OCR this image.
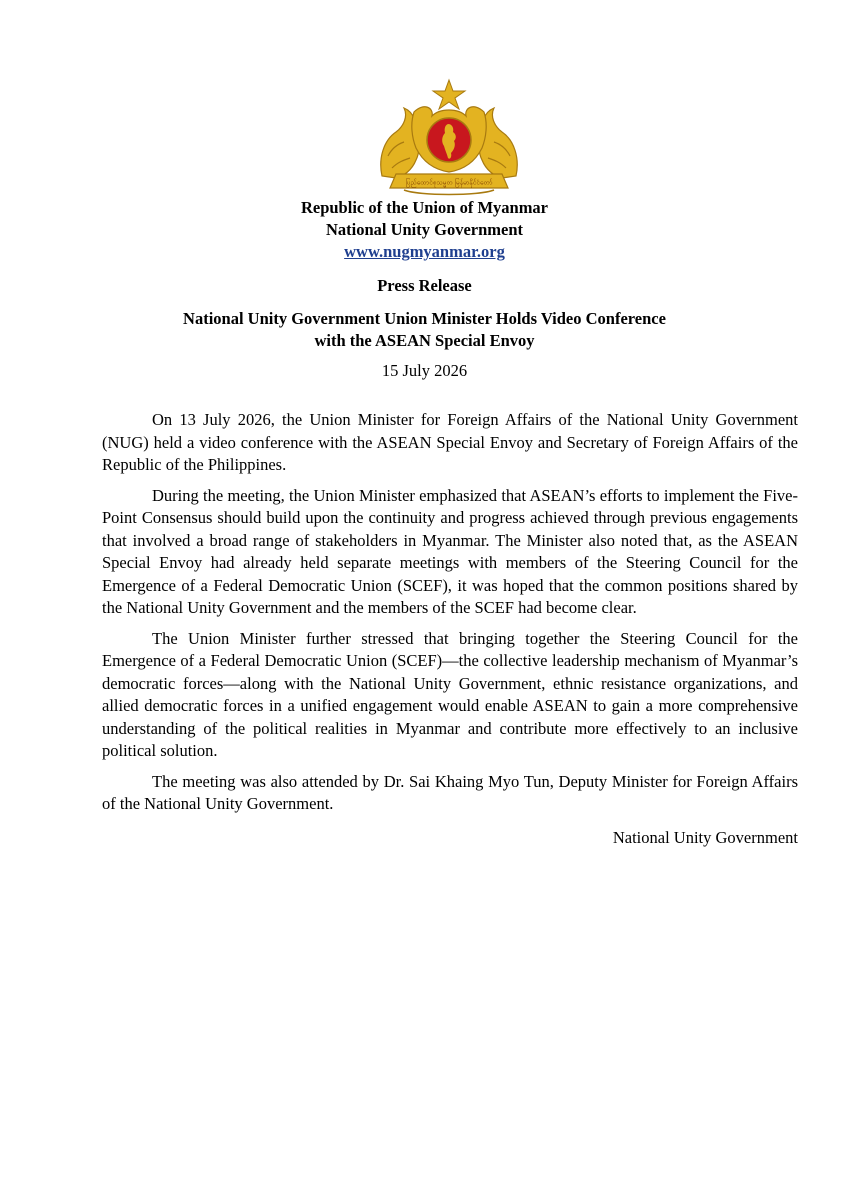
ပြည်ထောင်စုသမ္မတ မြန်မာနိုင်ငံတော်
Republic of the Union of Myanmar
National Unity Government
www.nugmyanmar.org
Press Release
National Unity Government Union Minister Holds Video Conference
with the ASEAN Special Envoy
15 July 2026

On 13 July 2026, the Union Minister for Foreign Affairs of the National Unity Government (NUG) held a video conference with the ASEAN Special Envoy and Secretary of Foreign Affairs of the Republic of the Philippines.

During the meeting, the Union Minister emphasized that ASEAN’s efforts to implement the Five-Point Consensus should build upon the continuity and progress achieved through previous engagements that involved a broad range of stakeholders in Myanmar. The Minister also noted that, as the ASEAN Special Envoy had already held separate meetings with members of the Steering Council for the Emergence of a Federal Democratic Union (SCEF), it was hoped that the common positions shared by the National Unity Government and the members of the SCEF had become clear.

The Union Minister further stressed that bringing together the Steering Council for the Emergence of a Federal Democratic Union (SCEF)—the collective leadership mechanism of Myanmar’s democratic forces—along with the National Unity Government, ethnic resistance organizations, and allied democratic forces in a unified engagement would enable ASEAN to gain a more comprehensive understanding of the political realities in Myanmar and contribute more effectively to an inclusive political solution.

The meeting was also attended by Dr. Sai Khaing Myo Tun, Deputy Minister for Foreign Affairs of the National Unity Government.

National Unity Government
